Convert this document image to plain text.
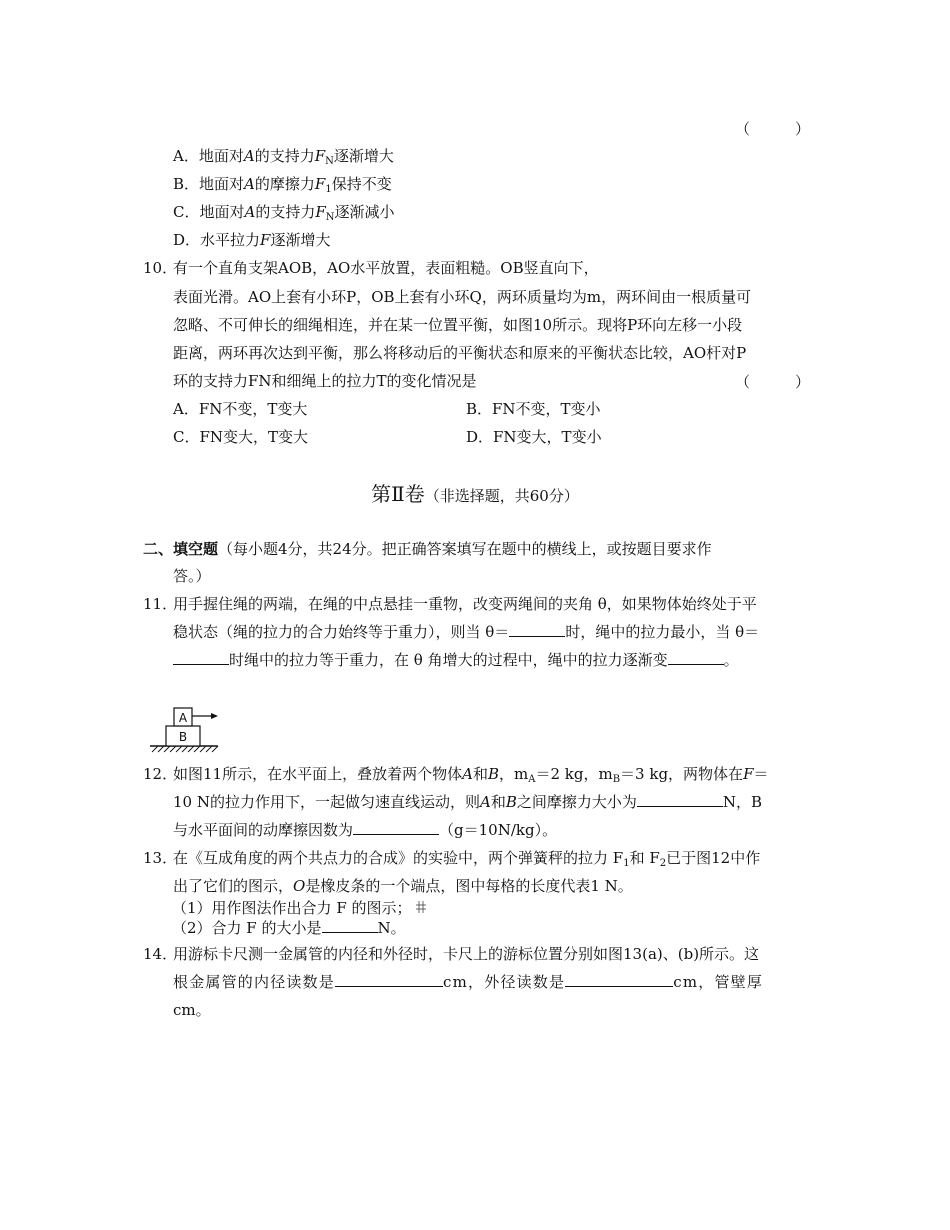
（　　　）
A．地面对A的支持力$F_N$逐渐增大
B．地面对A的摩擦力$F_1$保持不变
C．地面对A的支持力$F_N$逐渐减小
D．水平拉力F逐渐增大
10．
有一个直角支架AOB，AO水平放置，表面粗糙。OB竖直向下，
表面光滑。AO上套有小环P，OB上套有小环Q，两环质量均为m，两环间由一根质量可
忽略、不可伸长的细绳相连，并在某一位置平衡，如图10所示。现将P环向左移一小段
距离，两环再次达到平衡，那么将移动后的平衡状态和原来的平衡状态比较，AO杆对P
环的支持力FN和细绳上的拉力T的变化情况是	（　　　）
A．FN不变，T变大	B．FN不变，T变小
C．FN变大，T变大	D．FN变大，T变小
第Ⅱ卷（非选择题，共60分）
二、填空题（每小题4分，共24分。把正确答案填写在题中的横线上，或按题目要求作
答。）
11．
用手握住绳的两端，在绳的中点悬挂一重物，改变两绳间的夹角 θ，如果物体始终处于平
稳状态（绳的拉力的合力始终等于重力），则当 θ＝	时，绳中的拉力最小，当 θ＝
时绳中的拉力等于重力，在 θ 角增大的过程中，绳中的拉力逐渐变	。
A
B
12．
如图11所示，在水平面上，叠放着两个物体A和B，$m_A=2$ kg，$m_B=3$ kg，两物体在F＝
10 N的拉力作用下，一起做匀速直线运动，则A和B之间摩擦力大小为	N，B
与水平面间的动摩擦因数为	（g＝10N/kg）。
13．
在《互成角度的两个共点力的合成》的实验中，两个弹簧秤的拉力 $F_1$和 $F_2$已于图12中作
出了它们的图示，O是橡皮条的一个端点，图中每格的长度代表1 N。
（1）用作图法作出合力 F 的图示；
（2）合力 F 的大小是	N。
14．
用游标卡尺测一金属管的内径和外径时，卡尺上的游标位置分别如图13(a)、(b)所示。这
根金属管的内径读数是	cm，外径读数是	cm，管壁厚
cm。
